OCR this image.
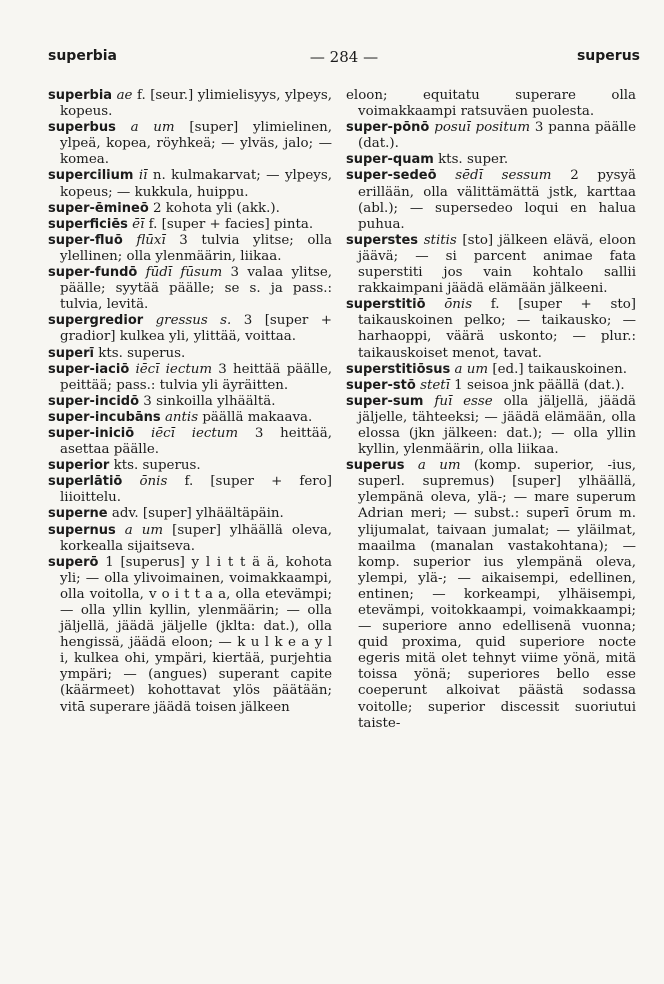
superbia	— 284 —	superus
superbia ae f. [seur.] ylimielisyys, ylpeys, kopeus.
superbus a um [super] ylimielinen, ylpeä, kopea, röyhkeä; — ylväs, jalo; — komea.
supercilium iī n. kulmakarvat; — ylpeys, kopeus; — kukkula, huippu.
super-ēmineō 2 kohota yli (akk.).
superficiēs ēī f. [super + facies] pinta.
super-fluō flūxī 3 tulvia ylitse; olla ylellinen; olla ylenmäärin, liikaa.
super-fundō fūdī fūsum 3 valaa ylitse, päälle; syytää päälle; se s. ja pass.: tulvia, levitä.
supergredior gressus s. 3 [super + gradior] kulkea yli, ylittää, voittaa.
superī kts. superus.
super-iaciō iēcī iectum 3 heittää päälle, peittää; pass.: tulvia yli äyräitten.
super-incidō 3 sinkoilla ylhäältä.
super-incubāns antis päällä makaava.
super-iniciō iēcī iectum 3 heittää, asettaa päälle.
superior kts. superus.
superlātiō ōnis f. [super + fero] liioittelu.
superne adv. [super] ylhäältäpäin.
supernus a um [super] ylhäällä oleva, korkealla sijaitseva.
superō 1 [superus] y l i t t ä ä, kohota yli; — olla ylivoimainen, voimakkaampi, olla voitolla, v o i t t a a, olla etevämpi; — olla yllin kyllin, ylenmäärin; — olla jäljellä, jäädä jäljelle (jklta: dat.), olla hengissä, jäädä eloon; — k u l k e a y l i, kulkea ohi, ympäri, kiertää, purjehtia ympäri; — (angues) superant capite (käärmeet) kohottavat ylös päätään; vitā superare jäädä toisen jälkeen
eloon; equitatu superare olla voimakkaampi ratsuväen puolesta.
super-pōnō posuī positum 3 panna päälle (dat.).
super-quam kts. super.
super-sedeō sēdī sessum 2 pysyä erillään, olla välittämättä jstk, karttaa (abl.); — supersedeo loqui en halua puhua.
superstes stitis [sto] jälkeen elävä, eloon jäävä; — si parcent animae fata superstiti jos vain kohtalo sallii rakkaimpani jäädä elämään jälkeeni.
superstitiō ōnis f. [super + sto] taikauskoinen pelko; — taikausko; — harhaoppi, väärä uskonto; — plur.: taikauskoiset menot, tavat.
superstitiōsus a um [ed.] taikauskoinen.
super-stō stetī 1 seisoa jnk päällä (dat.).
super-sum fuī esse olla jäljellä, jäädä jäljelle, tähteeksi; — jäädä elämään, olla elossa (jkn jälkeen: dat.); — olla yllin kyllin, ylenmäärin, olla liikaa.
superus a um (komp. superior, -ius, superl. supremus) [super] ylhäällä, ylempänä oleva, ylä-; — mare superum Adrian meri; — subst.: superī ōrum m. ylijumalat, taivaan jumalat; — yläilmat, maailma (manalan vastakohtana); — komp. superior ius ylempänä oleva, ylempi, ylä-; — aikaisempi, edellinen, entinen; — korkeampi, ylhäisempi, etevämpi, voitokkaampi, voimakkaampi; — superiore anno edellisenä vuonna; quid proxima, quid superiore nocte egeris mitä olet tehnyt viime yönä, mitä toissa yönä; superiores bello esse coeperunt alkoivat päästä sodassa voitolle; superior discessit suoriutui taiste-
